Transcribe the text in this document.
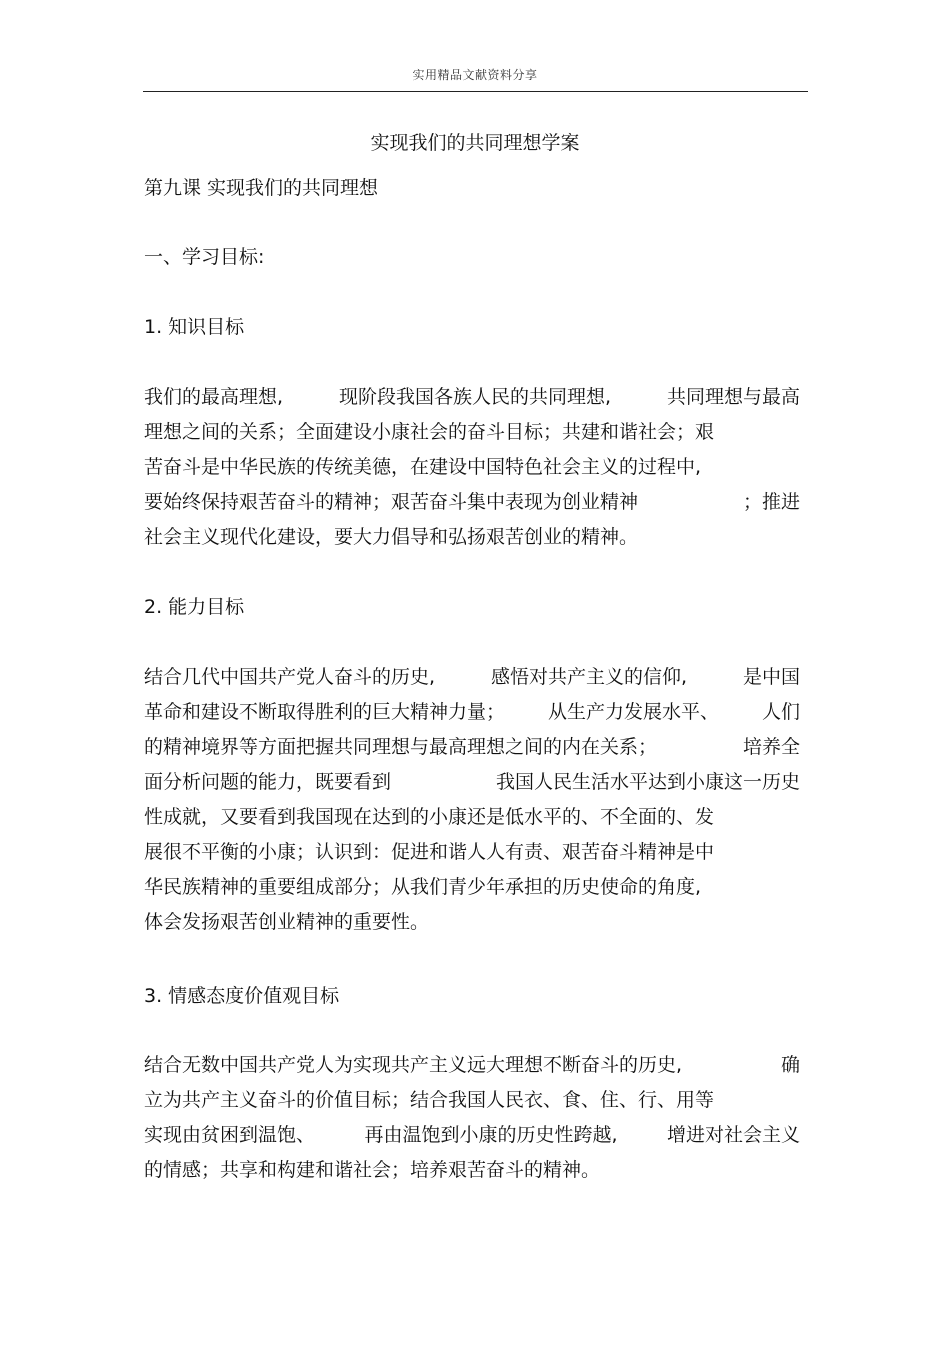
实用精品文献资料分享
实现我们的共同理想学案
第九课 实现我们的共同理想
一、学习目标:
1. 知识目标
我们的最高理想,	现阶段我国各族人民的共同理想,	共同理想与最高
理想之间的关系；全面建设小康社会的奋斗目标；共建和谐社会；艰
苦奋斗是中华民族的传统美德，在建设中国特色社会主义的过程中,
要始终保持艰苦奋斗的精神；艰苦奋斗集中表现为创业精神	；推进
社会主义现代化建设，要大力倡导和弘扬艰苦创业的精神。
2. 能力目标
结合几代中国共产党人奋斗的历史,	感悟对共产主义的信仰,	是中国
革命和建设不断取得胜利的巨大精神力量； 从生产力发展水平、 人们
的精神境界等方面把握共同理想与最高理想之间的内在关系；	培养全
面分析问题的能力，既要看到	我国人民生活水平达到小康这一历史
性成就，又要看到我国现在达到的小康还是低水平的、不全面的、发
展很不平衡的小康；认识到：促进和谐人人有责、艰苦奋斗精神是中
华民族精神的重要组成部分；从我们青少年承担的历史使命的角度,
体会发扬艰苦创业精神的重要性。
3. 情感态度价值观目标
结合无数中国共产党人为实现共产主义远大理想不断奋斗的历史,	确
立为共产主义奋斗的价值目标；结合我国人民衣、食、住、行、用等
实现由贫困到温饱、	再由温饱到小康的历史性跨越,	增进对社会主义
的情感；共享和构建和谐社会；培养艰苦奋斗的精神。
